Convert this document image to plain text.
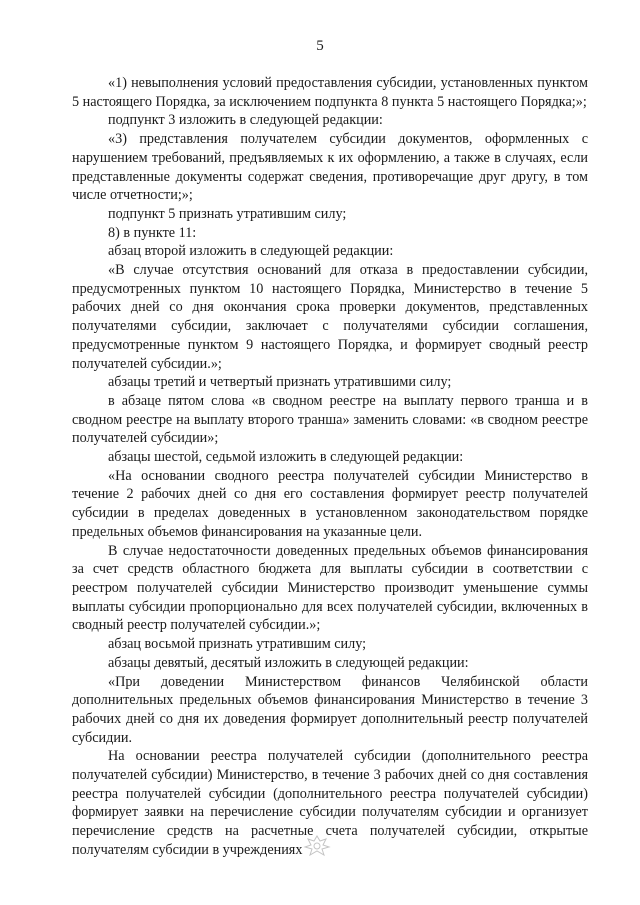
5

«1) невыполнения условий предоставления субсидии, установленных пунктом 5 настоящего Порядка, за исключением подпункта 8 пункта 5 настоящего Порядка;»;

подпункт 3 изложить в следующей редакции:

«3) представления получателем субсидии документов, оформленных с нарушением требований, предъявляемых к их оформлению, а также в случаях, если представленные документы содержат сведения, противоречащие друг другу, в том числе отчетности;»;

подпункт 5 признать утратившим силу;

8) в пункте 11:

абзац второй изложить в следующей редакции:

«В случае отсутствия оснований для отказа в предоставлении субсидии, предусмотренных пунктом 10 настоящего Порядка, Министерство в течение 5 рабочих дней со дня окончания срока проверки документов, представленных получателями субсидии, заключает с получателями субсидии соглашения, предусмотренные пунктом 9 настоящего Порядка, и формирует сводный реестр получателей субсидии.»;

абзацы третий и четвертый признать утратившими силу;

в абзаце пятом слова «в сводном реестре на выплату первого транша и в сводном реестре на выплату второго транша» заменить словами: «в сводном реестре получателей субсидии»;

абзацы шестой, седьмой изложить в следующей редакции:

«На основании сводного реестра получателей субсидии Министерство в течение 2 рабочих дней со дня его составления формирует реестр получателей субсидии в пределах доведенных в установленном законодательством порядке предельных объемов финансирования на указанные цели.

В случае недостаточности доведенных предельных объемов финансирования за счет средств областного бюджета для выплаты субсидии в соответствии с реестром получателей субсидии Министерство производит уменьшение суммы выплаты субсидии пропорционально для всех получателей субсидии, включенных в сводный реестр получателей субсидии.»;

абзац восьмой признать утратившим силу;

абзацы девятый, десятый изложить в следующей редакции:

«При доведении Министерством финансов Челябинской области дополнительных предельных объемов финансирования Министерство в течение 3 рабочих дней со дня их доведения формирует дополнительный реестр получателей субсидии.

На основании реестра получателей субсидии (дополнительного реестра получателей субсидии) Министерство, в течение 3 рабочих дней со дня составления реестра получателей субсидии (дополнительного реестра получателей субсидии) формирует заявки на перечисление субсидии получателям субсидии и организует перечисление средств на расчетные счета получателей субсидии, открытые получателям субсидии в учреждениях
